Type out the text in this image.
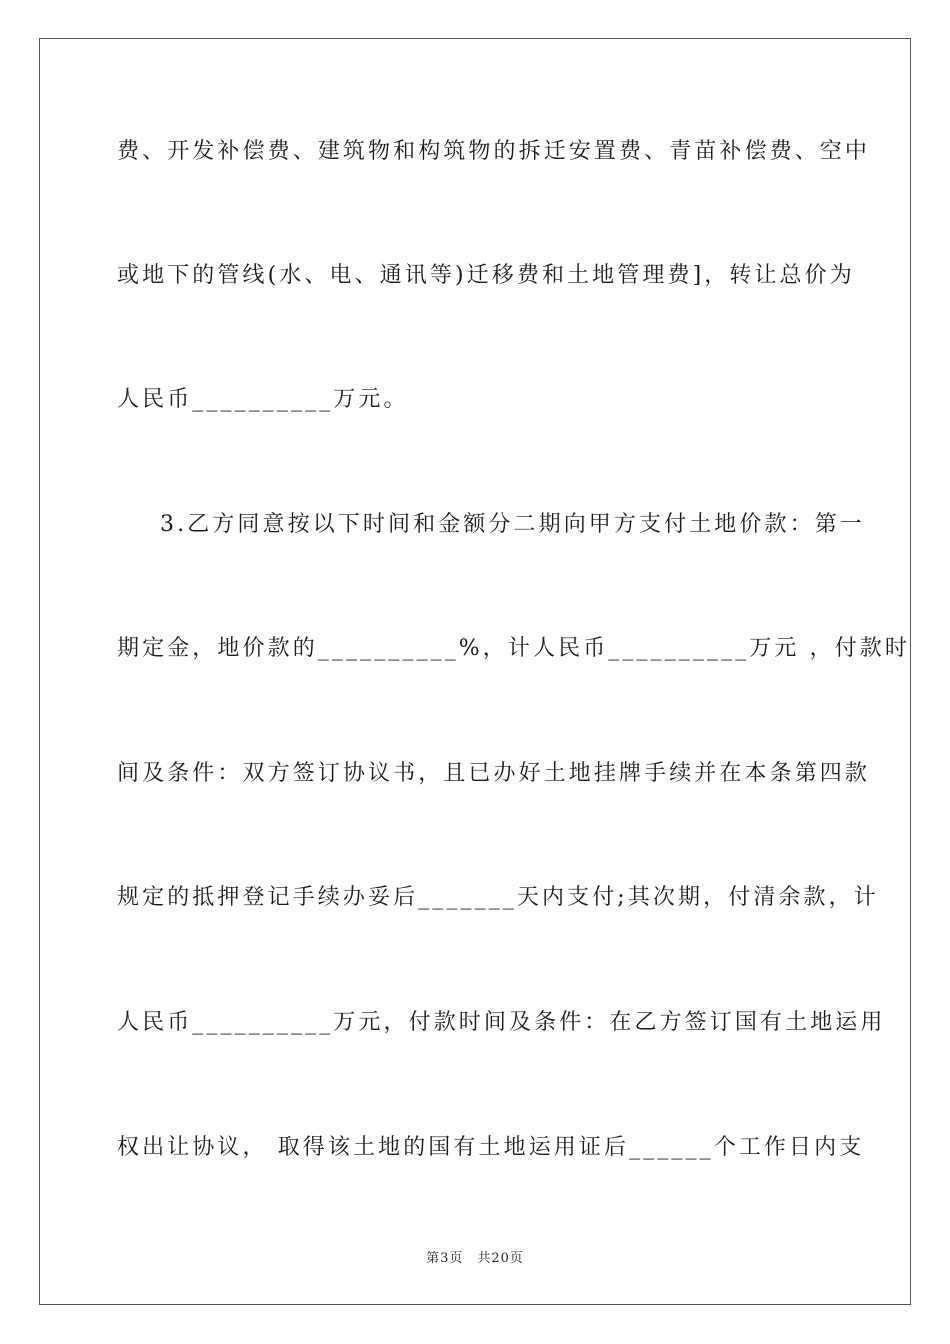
费、开发补偿费、建筑物和构筑物的拆迁安置费、青苗补偿费、空中
或地下的管线(水、电、通讯等)迁移费和土地管理费]，转让总价为
人民币__________万元。
3.乙方同意按以下时间和金额分二期向甲方支付土地价款：第一
期定金，地价款的__________%，计人民币__________万元 ，付款时
间及条件：双方签订协议书，且已办好土地挂牌手续并在本条第四款
规定的抵押登记手续办妥后_______天内支付;其次期，付清余款，计
人民币__________万元，付款时间及条件：在乙方签订国有土地运用
权出让协议， 取得该土地的国有土地运用证后______个工作日内支
第3页　共20页
